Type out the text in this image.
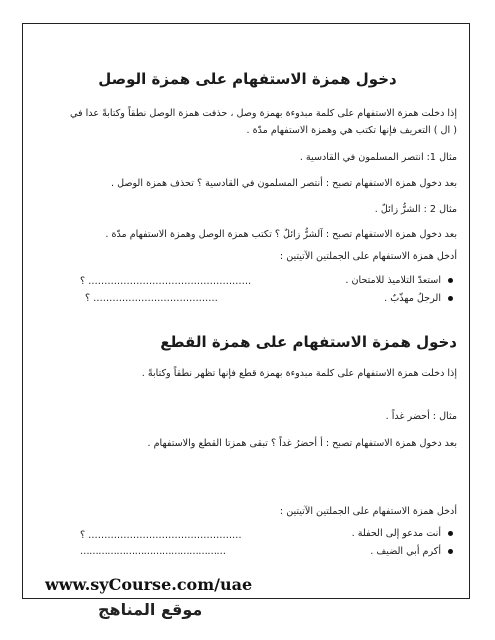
دخول همزة الاستفهام على همزة الوصل
إذا دخلت همزة الاستفهام على كلمة مبدوءة بهمزة وصل ، حذفت همزة الوصل نطقاً وكتابةً عدا في
( ال ) التعريف فإنها تكتب هي وهمزة الاستفهام مدّة .
مثال 1: انتصر المسلمون في القادسية .
بعد دخول همزة الاستفهام تصبح : أنتصر المسلمون في القادسية ؟ تحذف همزة الوصل .
مثال 2 : الشرُّ زائلٌ .
بعد دخول همزة الاستفهام تصبح : آلشرُّ زائلٌ ؟ تكتب همزة الوصل وهمزة الاستفهام مدّة .
أدخل همزة الاستفهام على الجملتين الآتيتين :
استعدّ التلاميذ للامتحان .
…………………………………………… ؟
الرجلُ مهذّبٌ .
………………………………… ؟
دخول همزة الاستفهام على همزة القطع
إذا دخلت همزة الاستفهام على كلمة مبدوءة بهمزة قطع فإنها تظهر نطقاً وكتابةً .
مثال : أحضر غداً .
بعد دخول همزة الاستفهام تصبح : أ أحضرُ غداً ؟ تبقى همزتا القطع والاستفهام .
أدخل همزة الاستفهام على الجملتين الآتيتين :
أنت مدعو إلى الحفلة .
………………………………………… ؟
أكرم أبي الضيف .
…………………………………………
www.syCourse.com/uae
موقع المناهج
